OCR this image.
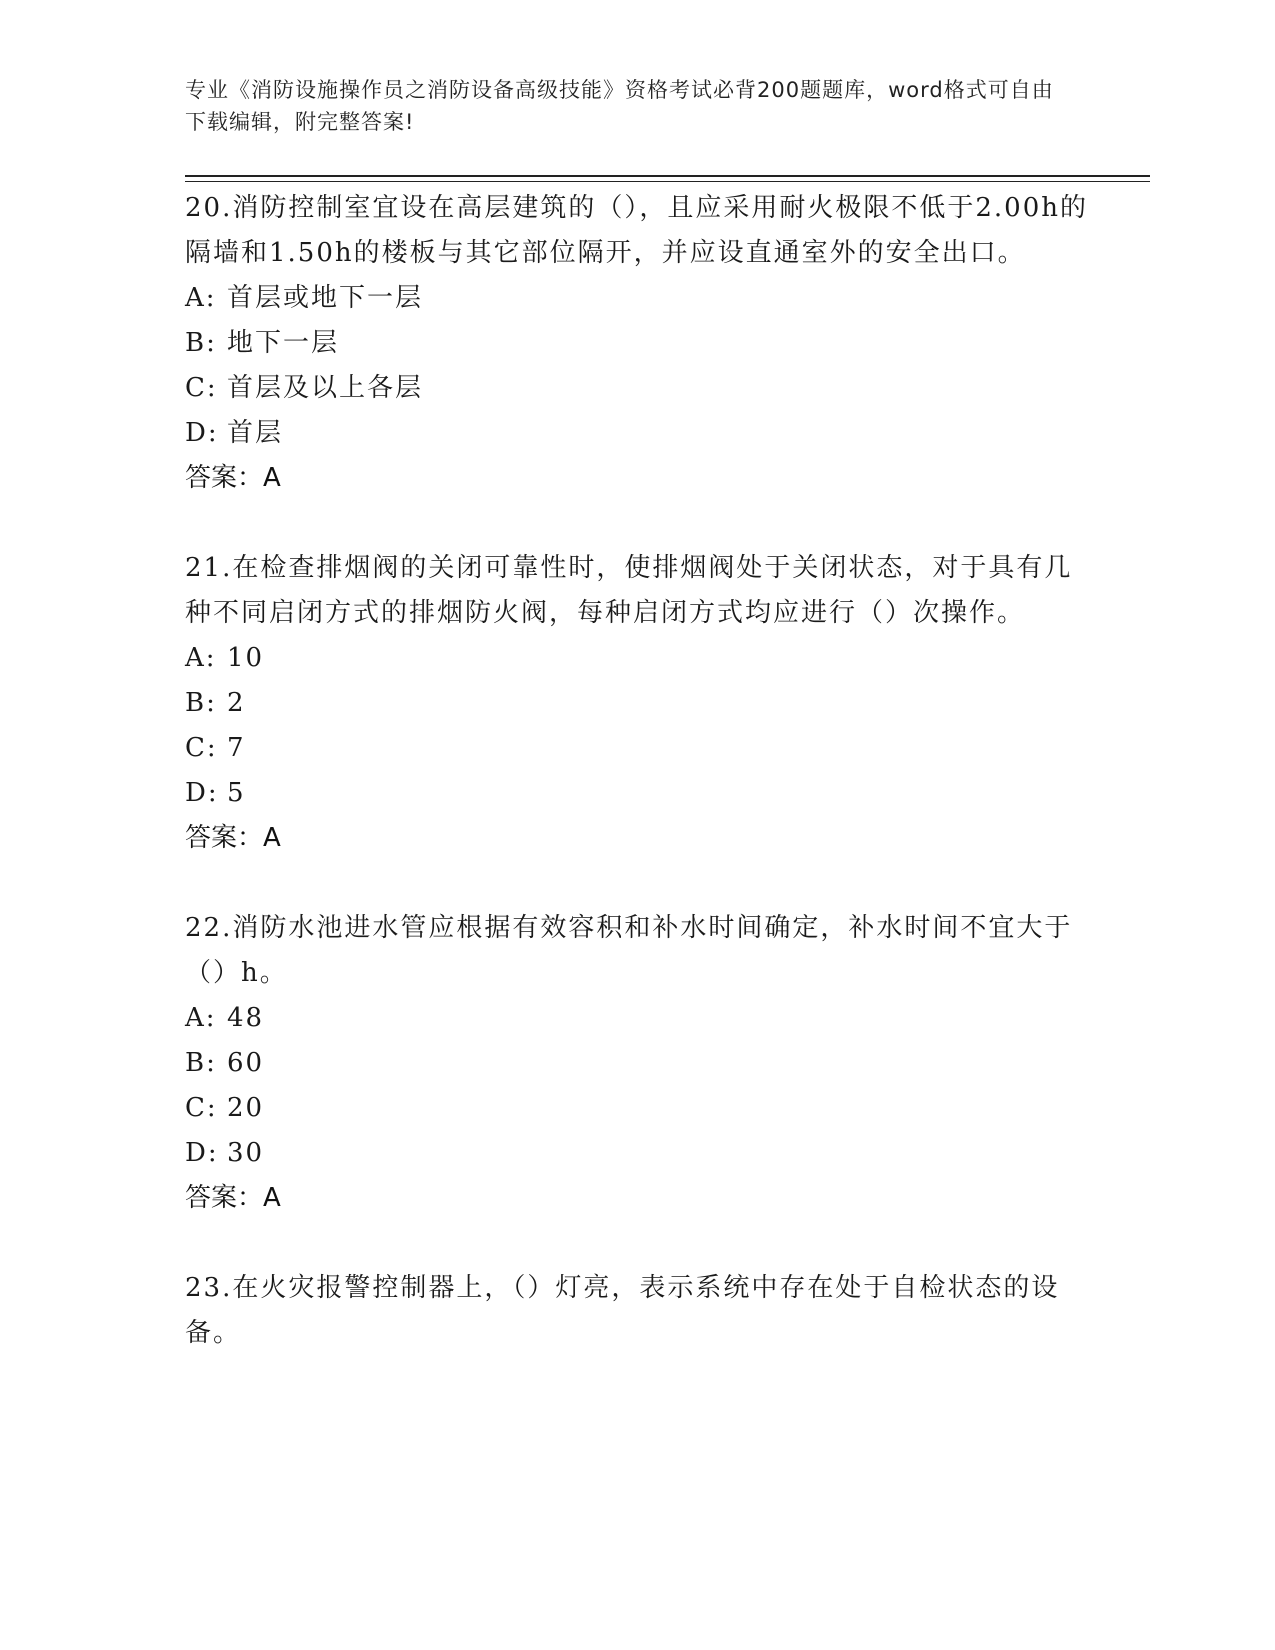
专业《消防设施操作员之消防设备高级技能》资格考试必背200题题库，word格式可自由下载编辑，附完整答案!

20.消防控制室宜设在高层建筑的（），且应采用耐火极限不低于2.00h的隔墙和1.50h的楼板与其它部位隔开，并应设直通室外的安全出口。

A: 首层或地下一层

B: 地下一层

C: 首层及以上各层

D: 首层

答案：A

21.在检查排烟阀的关闭可靠性时，使排烟阀处于关闭状态，对于具有几种不同启闭方式的排烟防火阀，每种启闭方式均应进行（）次操作。

A: 10

B: 2

C: 7

D: 5

答案：A

22.消防水池进水管应根据有效容积和补水时间确定，补水时间不宜大于（）h。

A: 48

B: 60

C: 20

D: 30

答案：A

23.在火灾报警控制器上，（）灯亮，表示系统中存在处于自检状态的设备。
